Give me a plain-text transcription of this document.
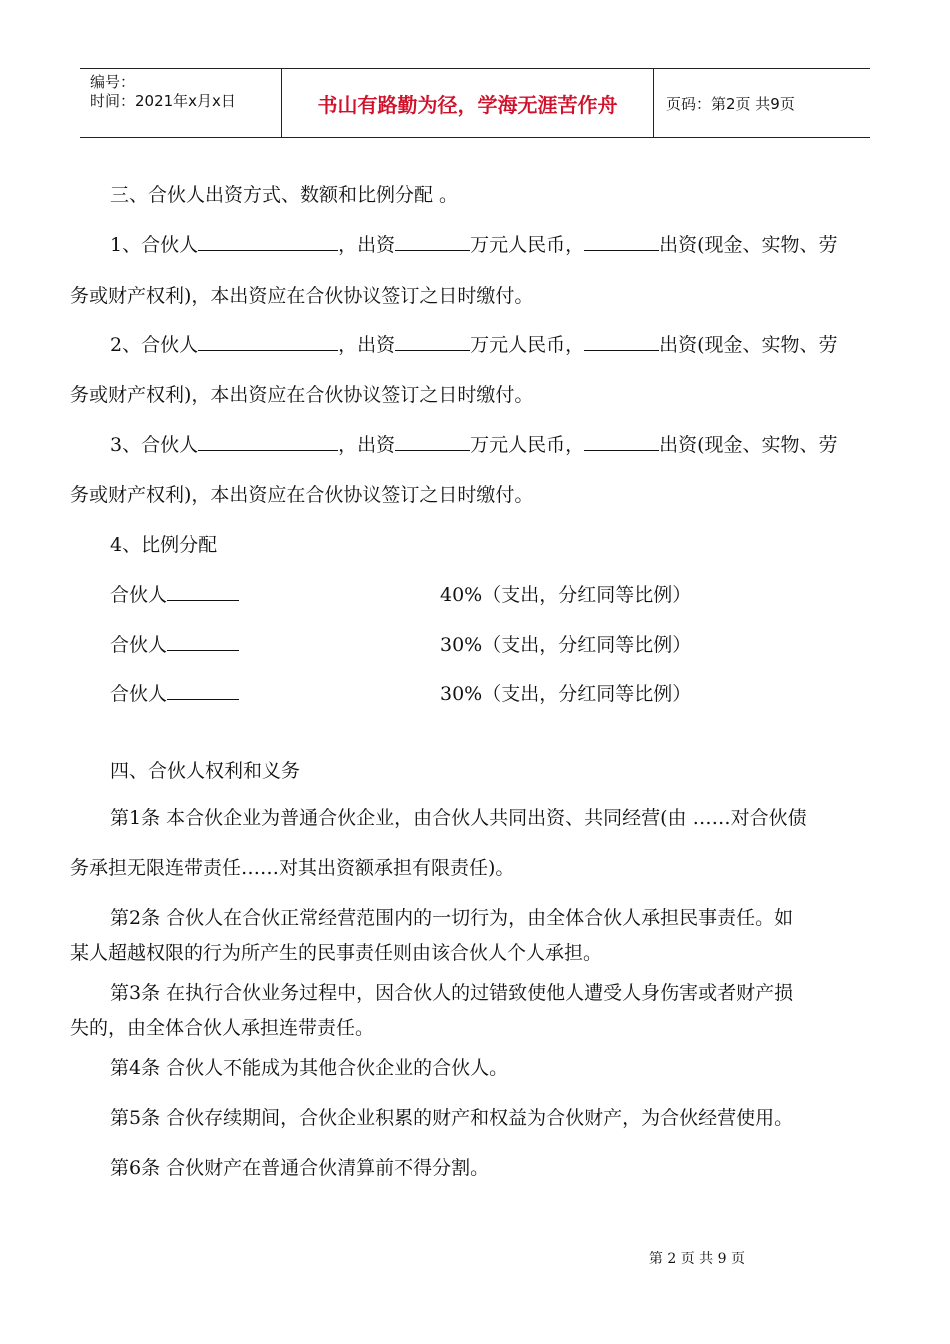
编号：
时间：2021年x月x日	书山有路勤为径，学海无涯苦作舟	页码：第2页 共9页
三、合伙人出资方式、数额和比例分配 。
1、合伙人	，出资	万元人民币，	出资(现金、实物、劳
务或财产权利)，本出资应在合伙协议签订之日时缴付。
2、合伙人	，出资	万元人民币，	出资(现金、实物、劳
务或财产权利)，本出资应在合伙协议签订之日时缴付。
3、合伙人	，出资	万元人民币，	出资(现金、实物、劳
务或财产权利)，本出资应在合伙协议签订之日时缴付。
4、比例分配
合伙人	40%（支出，分红同等比例）
合伙人	30%（支出，分红同等比例）
合伙人	30%（支出，分红同等比例）
四、合伙人权利和义务
第1条 本合伙企业为普通合伙企业，由合伙人共同出资、共同经营(由 ……对合伙债
务承担无限连带责任……对其出资额承担有限责任)。
第2条 合伙人在合伙正常经营范围内的一切行为，由全体合伙人承担民事责任。如
某人超越权限的行为所产生的民事责任则由该合伙人个人承担。
第3条 在执行合伙业务过程中，因合伙人的过错致使他人遭受人身伤害或者财产损
失的，由全体合伙人承担连带责任。
第4条 合伙人不能成为其他合伙企业的合伙人。
第5条 合伙存续期间，合伙企业积累的财产和权益为合伙财产，为合伙经营使用。
第6条 合伙财产在普通合伙清算前不得分割。
第 2 页 共 9 页
